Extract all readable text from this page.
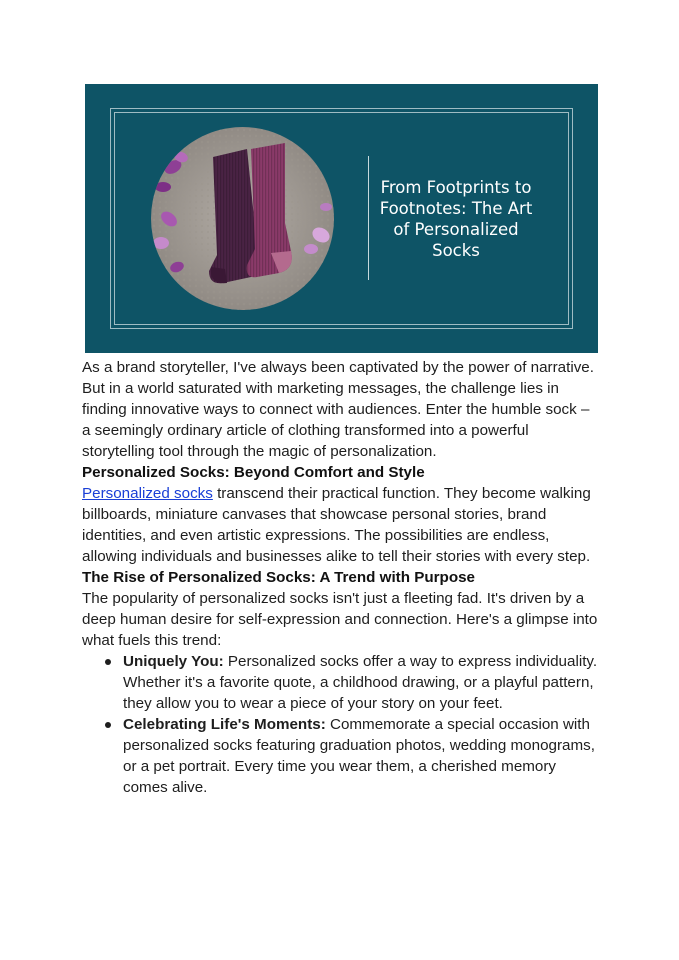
From Footprints to Footnotes: The Art of Personalized Socks

As a brand storyteller, I've always been captivated by the power of narrative. But in a world saturated with marketing messages, the challenge lies in finding innovative ways to connect with audiences. Enter the humble sock – a seemingly ordinary article of clothing transformed into a powerful storytelling tool through the magic of personalization.

Personalized Socks: Beyond Comfort and Style

Personalized socks transcend their practical function. They become walking billboards, miniature canvases that showcase personal stories, brand identities, and even artistic expressions. The possibilities are endless, allowing individuals and businesses alike to tell their stories with every step.

The Rise of Personalized Socks: A Trend with Purpose

The popularity of personalized socks isn't just a fleeting fad. It's driven by a deep human desire for self-expression and connection. Here's a glimpse into what fuels this trend:

Uniquely You: Personalized socks offer a way to express individuality. Whether it's a favorite quote, a childhood drawing, or a playful pattern, they allow you to wear a piece of your story on your feet.
Celebrating Life's Moments: Commemorate a special occasion with personalized socks featuring graduation photos, wedding monograms, or a pet portrait. Every time you wear them, a cherished memory comes alive.
